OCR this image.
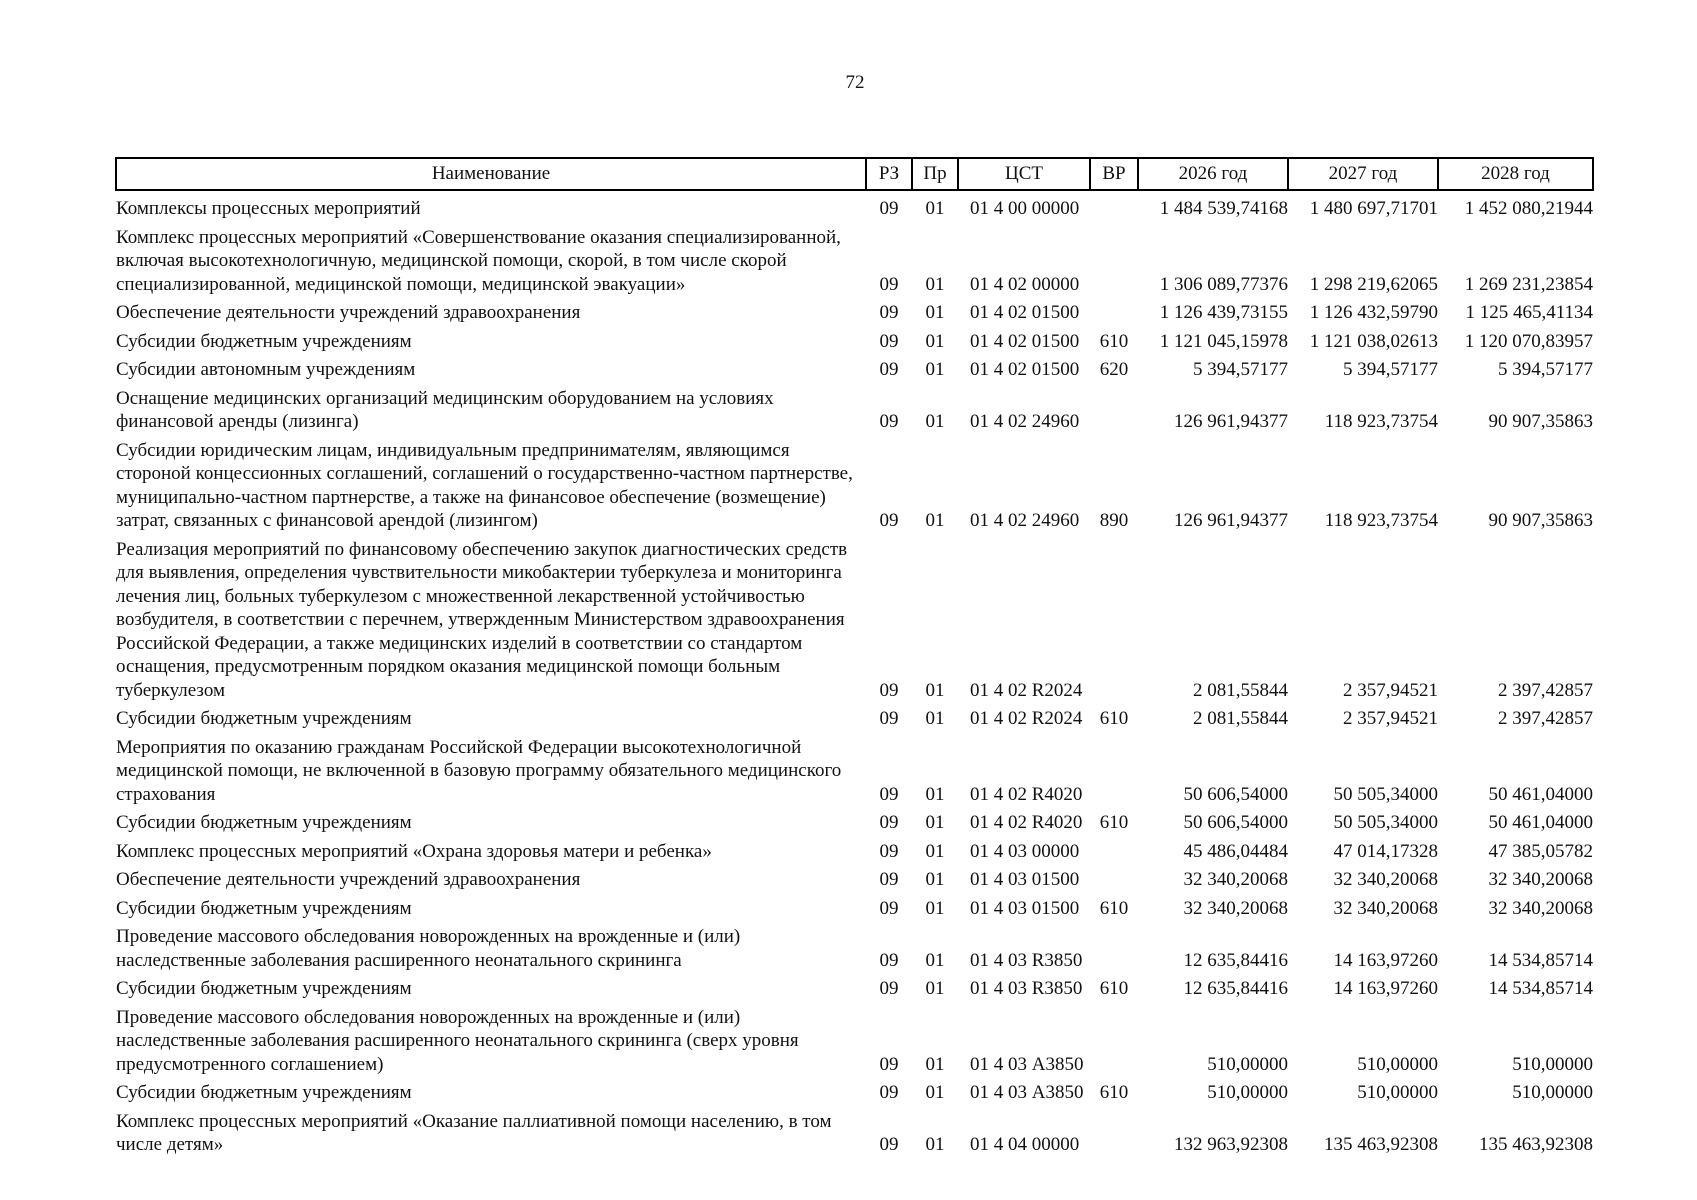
72
Наименование	РЗ	Пр	ЦСТ	ВР	2026 год	2027 год	2028 год
Комплексы процессных мероприятий	09	01	01 4 00 00000		1 484 539,74168	1 480 697,71701	1 452 080,21944
Комплекс процессных мероприятий «Совершенствование оказания специализированной, включая высокотехнологичную, медицинской помощи, скорой, в том числе скорой специализированной, медицинской помощи, медицинской эвакуации»	09	01	01 4 02 00000		1 306 089,77376	1 298 219,62065	1 269 231,23854
Обеспечение деятельности учреждений здравоохранения	09	01	01 4 02 01500		1 126 439,73155	1 126 432,59790	1 125 465,41134
Субсидии бюджетным учреждениям	09	01	01 4 02 01500	610	1 121 045,15978	1 121 038,02613	1 120 070,83957
Субсидии автономным учреждениям	09	01	01 4 02 01500	620	5 394,57177	5 394,57177	5 394,57177
Оснащение медицинских организаций медицинским оборудованием на условиях финансовой аренды (лизинга)	09	01	01 4 02 24960		126 961,94377	118 923,73754	90 907,35863
Субсидии юридическим лицам, индивидуальным предпринимателям, являющимся стороной концессионных соглашений, соглашений о государственно-частном партнерстве, муниципально-частном партнерстве, а также на финансовое обеспечение (возмещение) затрат, связанных с финансовой арендой (лизингом)	09	01	01 4 02 24960	890	126 961,94377	118 923,73754	90 907,35863
Реализация мероприятий по финансовому обеспечению закупок диагностических средств для выявления, определения чувствительности микобактерии туберкулеза и мониторинга лечения лиц, больных туберкулезом с множественной лекарственной устойчивостью возбудителя, в соответствии с перечнем, утвержденным Министерством здравоохранения Российской Федерации, а также медицинских изделий в соответствии со стандартом оснащения, предусмотренным порядком оказания медицинской помощи больным туберкулезом	09	01	01 4 02 R2024		2 081,55844	2 357,94521	2 397,42857
Субсидии бюджетным учреждениям	09	01	01 4 02 R2024	610	2 081,55844	2 357,94521	2 397,42857
Мероприятия по оказанию гражданам Российской Федерации высокотехнологичной медицинской помощи, не включенной в базовую программу обязательного медицинского страхования	09	01	01 4 02 R4020		50 606,54000	50 505,34000	50 461,04000
Субсидии бюджетным учреждениям	09	01	01 4 02 R4020	610	50 606,54000	50 505,34000	50 461,04000
Комплекс процессных мероприятий «Охрана здоровья матери и ребенка»	09	01	01 4 03 00000		45 486,04484	47 014,17328	47 385,05782
Обеспечение деятельности учреждений здравоохранения	09	01	01 4 03 01500		32 340,20068	32 340,20068	32 340,20068
Субсидии бюджетным учреждениям	09	01	01 4 03 01500	610	32 340,20068	32 340,20068	32 340,20068
Проведение массового обследования новорожденных на врожденные и (или) наследственные заболевания расширенного неонатального скрининга	09	01	01 4 03 R3850		12 635,84416	14 163,97260	14 534,85714
Субсидии бюджетным учреждениям	09	01	01 4 03 R3850	610	12 635,84416	14 163,97260	14 534,85714
Проведение массового обследования новорожденных на врожденные и (или) наследственные заболевания расширенного неонатального скрининга (сверх уровня предусмотренного соглашением)	09	01	01 4 03 А3850		510,00000	510,00000	510,00000
Субсидии бюджетным учреждениям	09	01	01 4 03 А3850	610	510,00000	510,00000	510,00000
Комплекс процессных мероприятий «Оказание паллиативной помощи населению, в том числе детям»	09	01	01 4 04 00000		132 963,92308	135 463,92308	135 463,92308
